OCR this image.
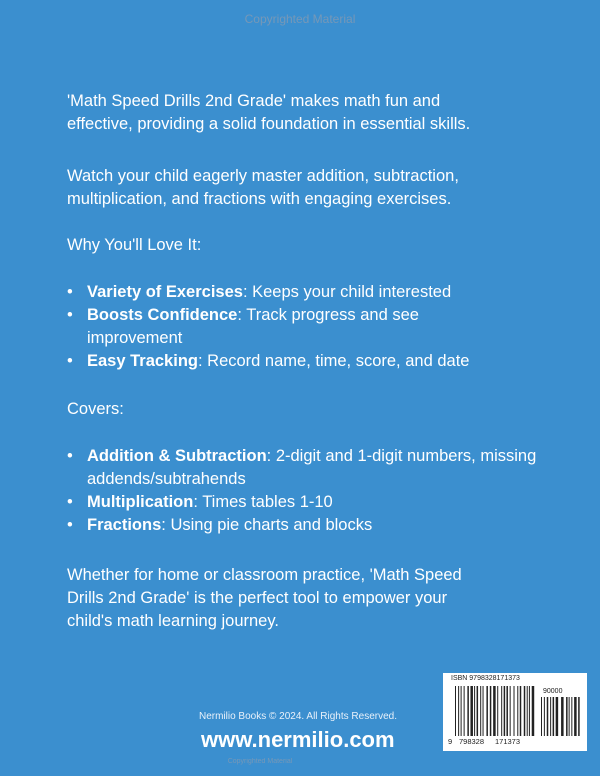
Copyrighted Material
'Math Speed Drills 2nd Grade' makes math fun and
effective, providing a solid foundation in essential skills.
Watch your child eagerly master addition, subtraction,
multiplication, and fractions with engaging exercises.
Why You'll Love It:
• Variety of Exercises: Keeps your child interested
• Boosts Confidence: Track progress and see improvement
• Easy Tracking: Record name, time, score, and date
Covers:
• Addition & Subtraction: 2-digit and 1-digit numbers, missing addends/subtrahends
• Multiplication: Times tables 1-10
• Fractions: Using pie charts and blocks
Whether for home or classroom practice, 'Math Speed
Drills 2nd Grade' is the perfect tool to empower your
child's math learning journey.
Nermilio Books © 2024. All Rights Reserved.
www.nermilio.com
Copyrighted Material
ISBN 9798328171373
90000
9 798328 171373
